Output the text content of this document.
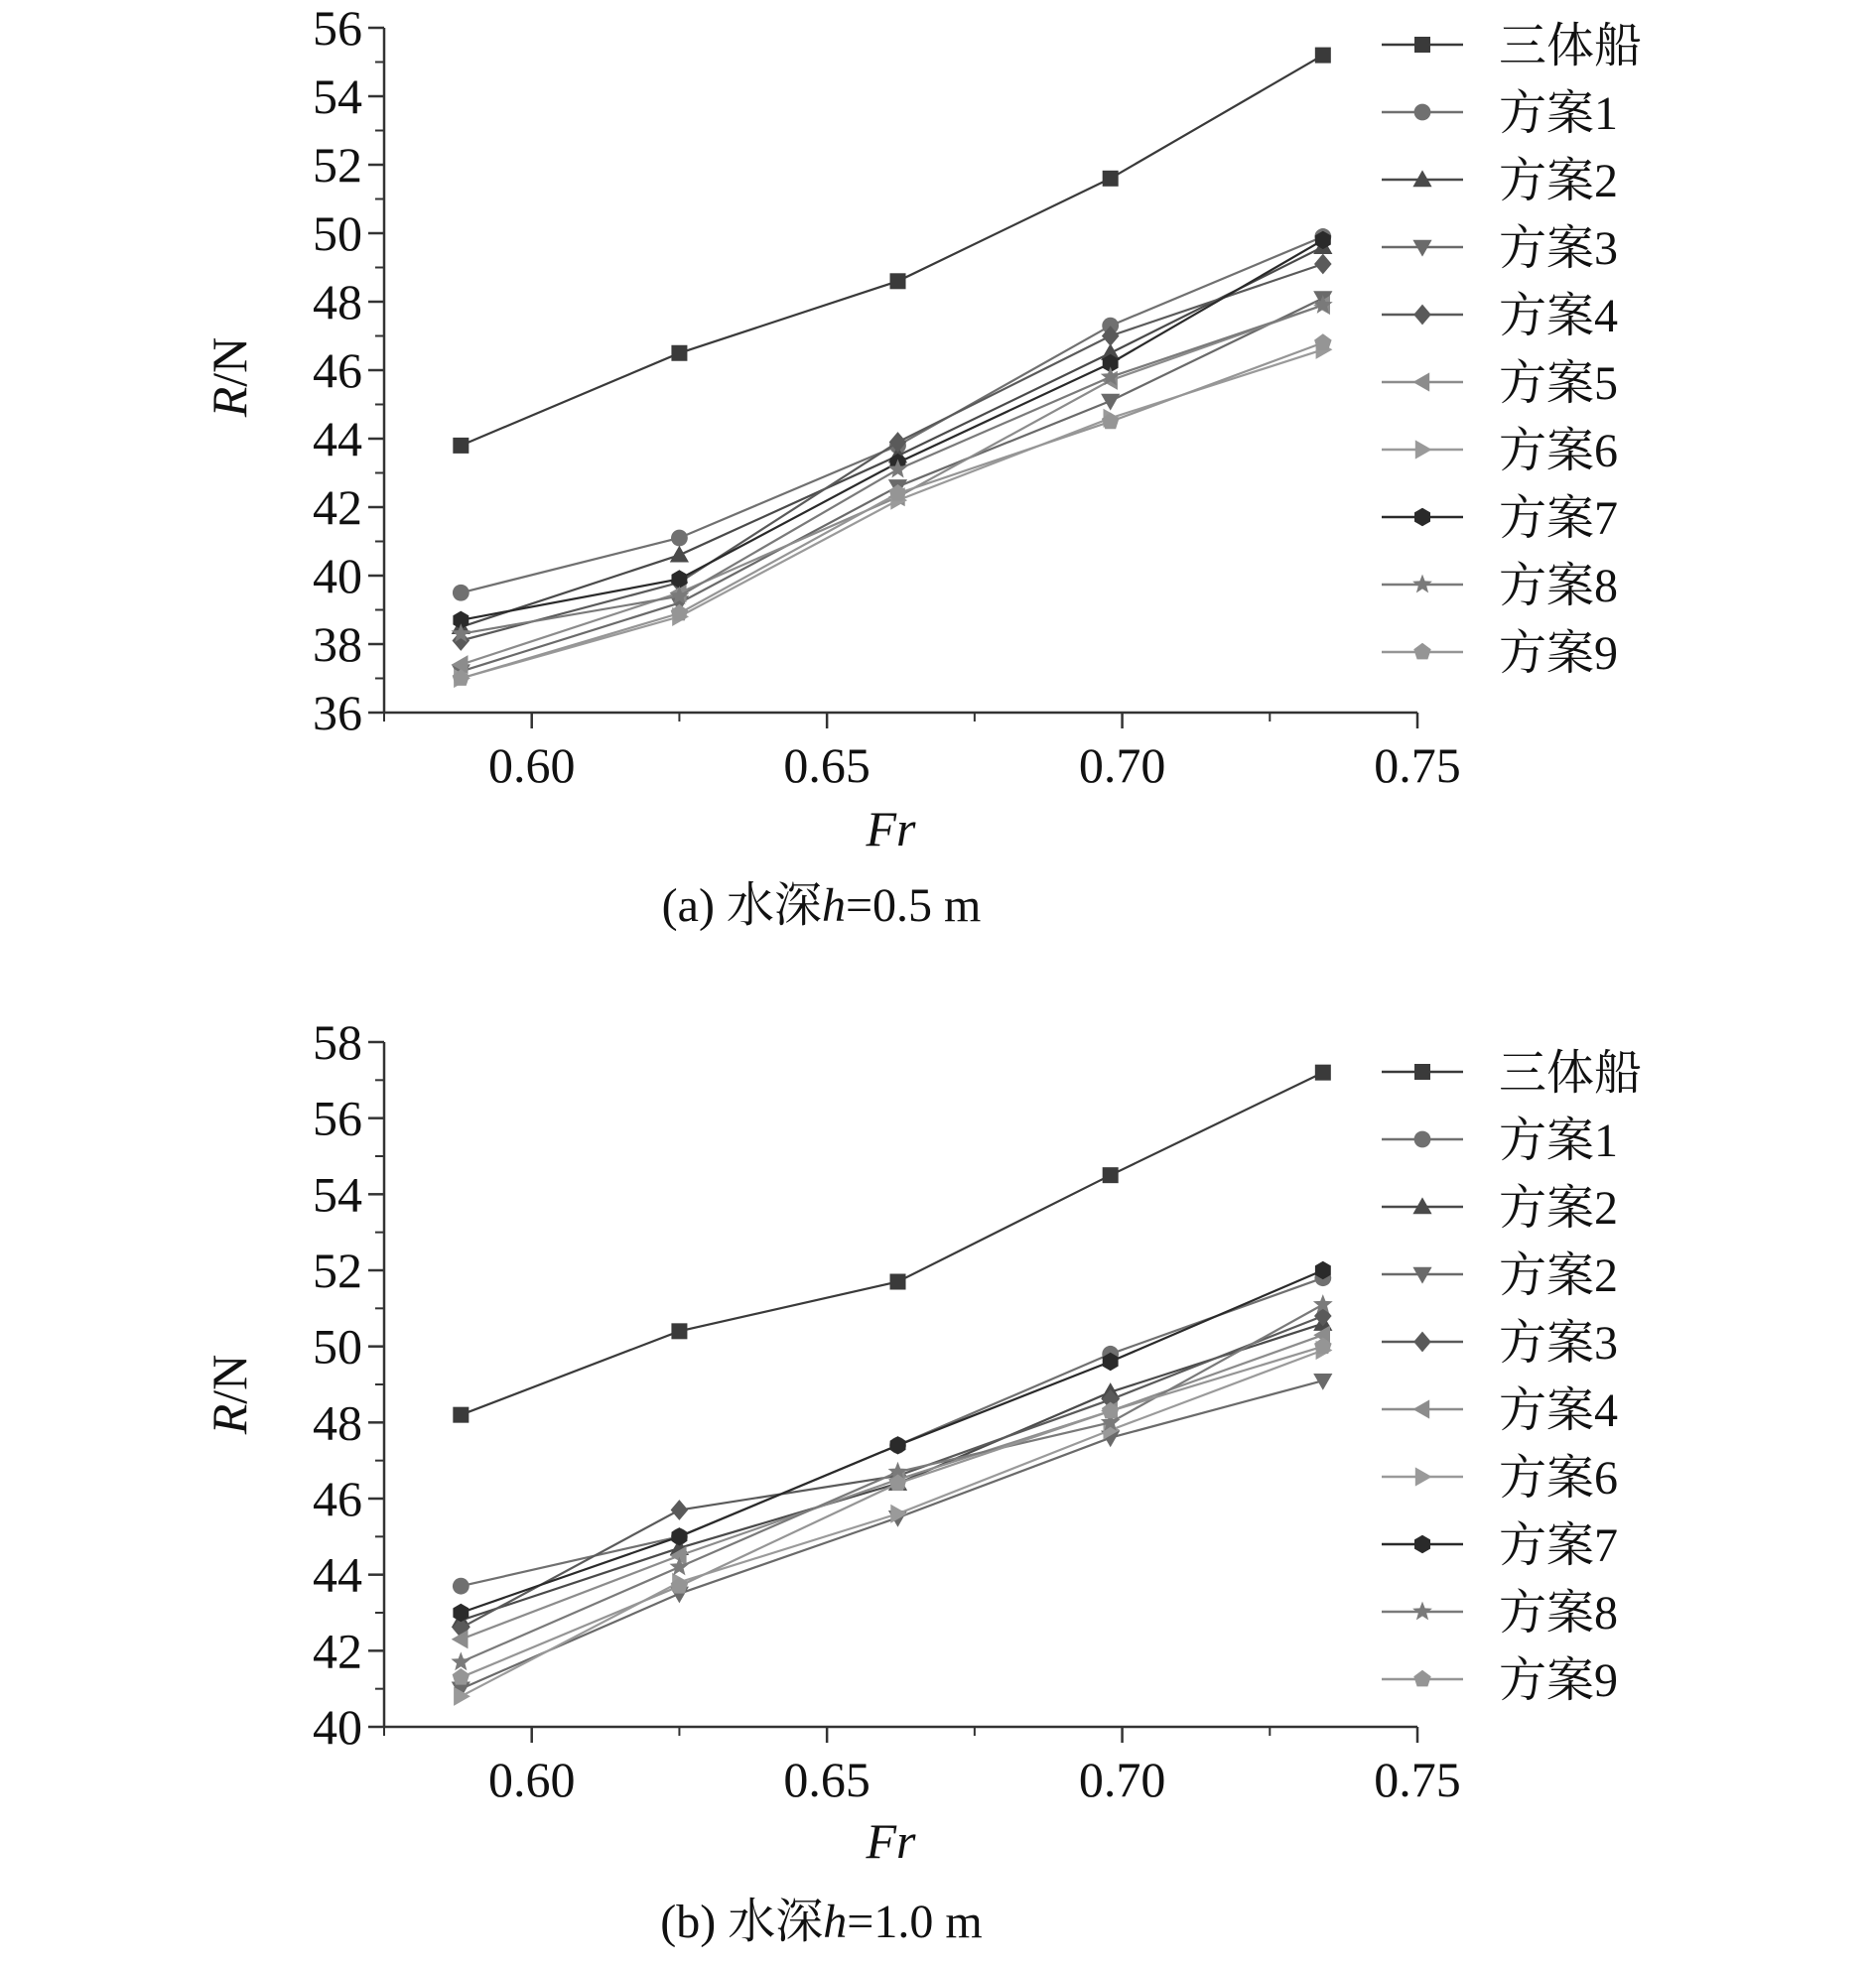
36
38
40
42
44
46
48
50
52
54
56
0.60	0.65	0.70	0.75
Fr
R/N
三体船
方案1
方案2
方案3
方案4
方案5
方案6
方案7
方案8
方案9
(a) 水深h=0.5 m
40
42
44
46
48
50
52
54
56
58
0.60	0.65	0.70	0.75
Fr
R/N
三体船
方案1
方案2
方案2
方案3
方案4
方案6
方案7
方案8
方案9
(b) 水深h=1.0 m
